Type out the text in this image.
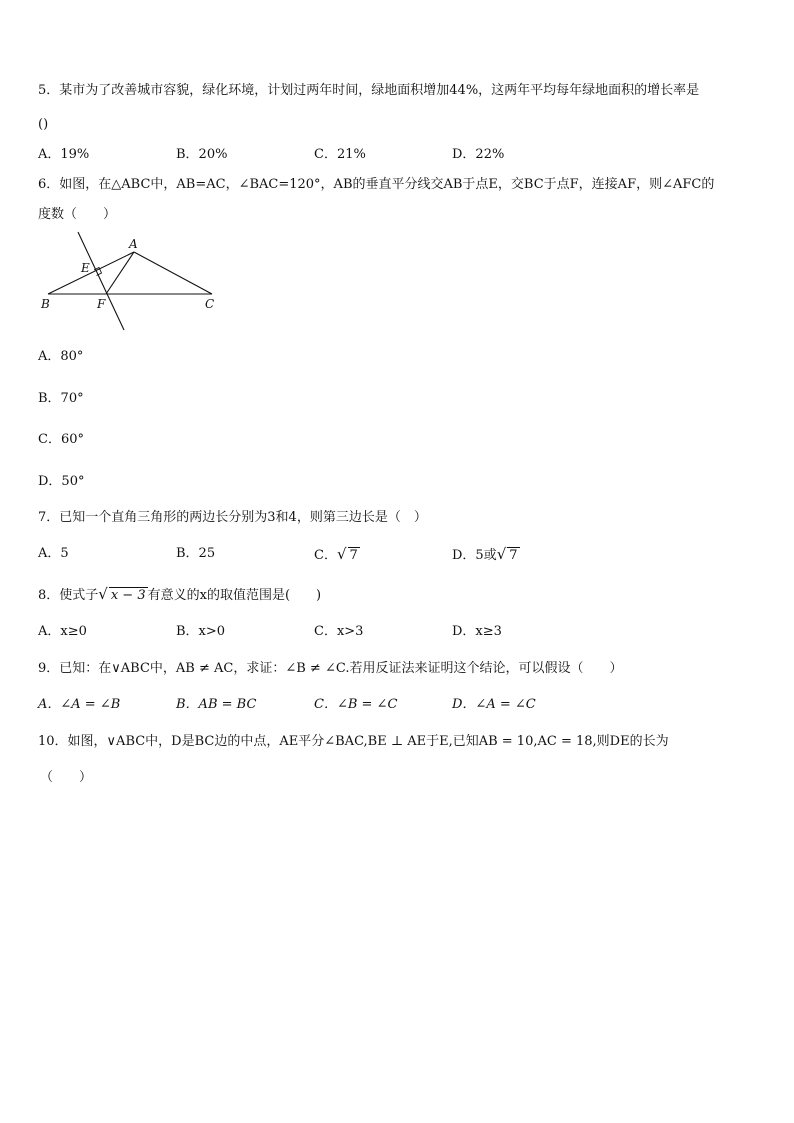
5．某市为了改善城市容貌，绿化环境，计划过两年时间，绿地面积增加44%，这两年平均每年绿地面积的增长率是
()
A．19%	B．20%	C．21%	D．22%
6．如图，在△ABC中，AB=AC，∠BAC=120°，AB的垂直平分线交AB于点E，交BC于点F，连接AF，则∠AFC的
度数（　　）
A
E
B	F	C
A．80°
B．70°
C．60°
D．50°
7．已知一个直角三角形的两边长分别为3和4，则第三边长是（　）
A．5	B．25	C．√ 7	D．5或√ 7
8．使式子√ x − 3 有意义的x的取值范围是(　　)
A．x≥0	B．x>0	C．x>3	D．x≥3
9．已知：在∨ABC中，AB ≠ AC，求证：∠B ≠ ∠C.若用反证法来证明这个结论，可以假设（　　）
A．∠A = ∠B	B．AB = BC	C．∠B = ∠C	D．∠A = ∠C
10．如图，∨ABC中，D是BC边的中点，AE平分∠BAC,BE ⊥ AE于E,已知AB = 10,AC = 18,则DE的长为
（　　）
